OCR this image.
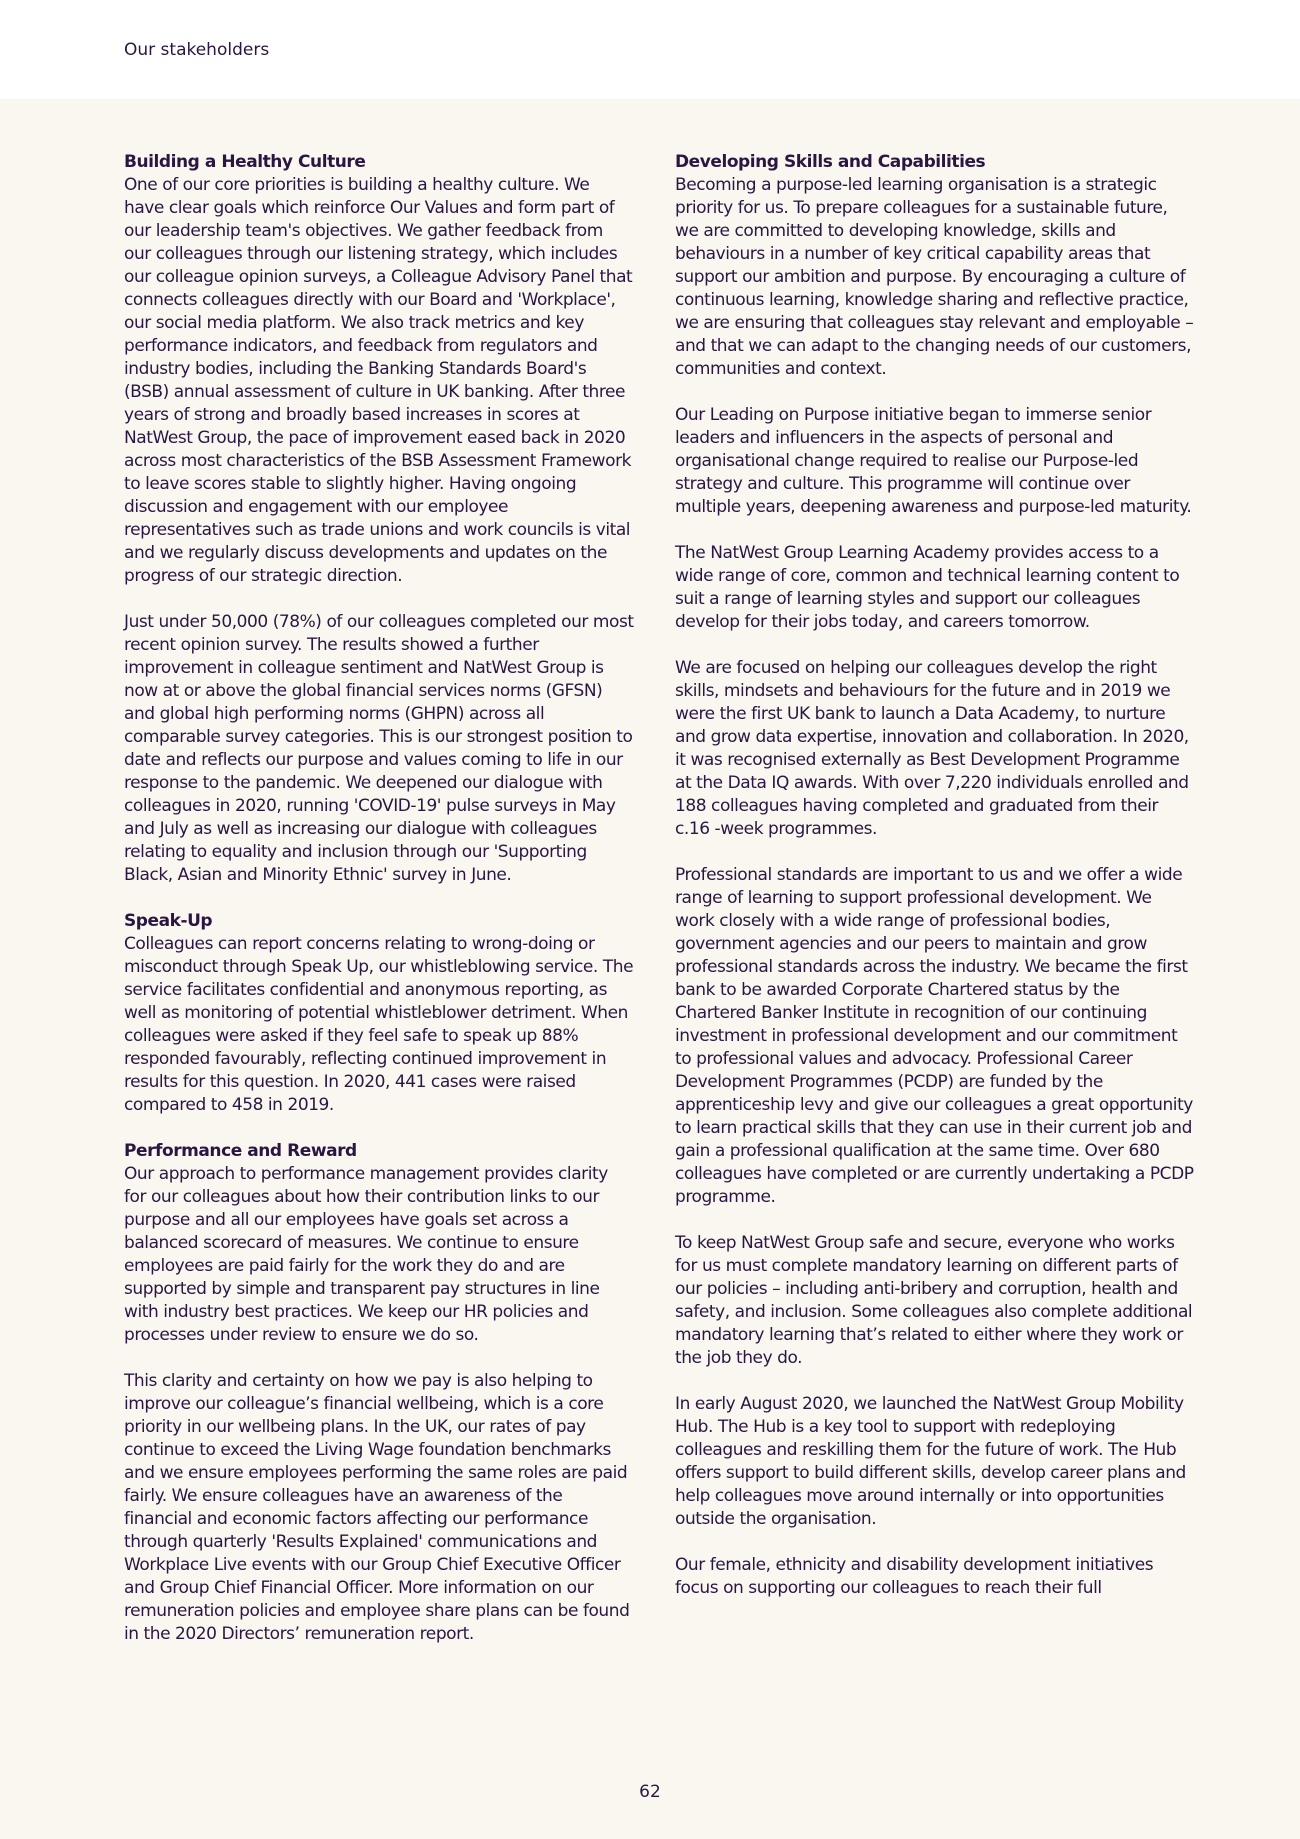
Our stakeholders
Building a Healthy Culture

One of our core priorities is building a healthy culture. We have clear goals which reinforce Our Values and form part of our leadership team's objectives. We gather feedback from our colleagues through our listening strategy, which includes our colleague opinion surveys, a Colleague Advisory Panel that connects colleagues directly with our Board and 'Workplace', our social media platform. We also track metrics and key performance indicators, and feedback from regulators and industry bodies, including the Banking Standards Board's (BSB) annual assessment of culture in UK banking. After three years of strong and broadly based increases in scores at NatWest Group, the pace of improvement eased back in 2020 across most characteristics of the BSB Assessment Framework to leave scores stable to slightly higher. Having ongoing discussion and engagement with our employee representatives such as trade unions and work councils is vital and we regularly discuss developments and updates on the progress of our strategic direction.

Just under 50,000 (78%) of our colleagues completed our most recent opinion survey. The results showed a further improvement in colleague sentiment and NatWest Group is now at or above the global financial services norms (GFSN) and global high performing norms (GHPN) across all comparable survey categories. This is our strongest position to date and reflects our purpose and values coming to life in our response to the pandemic. We deepened our dialogue with colleagues in 2020, running 'COVID-19' pulse surveys in May and July as well as increasing our dialogue with colleagues relating to equality and inclusion through our 'Supporting Black, Asian and Minority Ethnic' survey in June.

Speak-Up

Colleagues can report concerns relating to wrong-doing or misconduct through Speak Up, our whistleblowing service. The service facilitates confidential and anonymous reporting, as well as monitoring of potential whistleblower detriment. When colleagues were asked if they feel safe to speak up 88% responded favourably, reflecting continued improvement in results for this question. In 2020, 441 cases were raised compared to 458 in 2019.

Performance and Reward

Our approach to performance management provides clarity for our colleagues about how their contribution links to our purpose and all our employees have goals set across a balanced scorecard of measures. We continue to ensure employees are paid fairly for the work they do and are supported by simple and transparent pay structures in line with industry best practices. We keep our HR policies and processes under review to ensure we do so.

This clarity and certainty on how we pay is also helping to improve our colleague’s financial wellbeing, which is a core priority in our wellbeing plans. In the UK, our rates of pay continue to exceed the Living Wage foundation benchmarks and we ensure employees performing the same roles are paid fairly. We ensure colleagues have an awareness of the financial and economic factors affecting our performance through quarterly 'Results Explained' communications and Workplace Live events with our Group Chief Executive Officer and Group Chief Financial Officer. More information on our remuneration policies and employee share plans can be found in the 2020 Directors’ remuneration report.

Developing Skills and Capabilities

Becoming a purpose-led learning organisation is a strategic priority for us. To prepare colleagues for a sustainable future, we are committed to developing knowledge, skills and behaviours in a number of key critical capability areas that support our ambition and purpose. By encouraging a culture of continuous learning, knowledge sharing and reflective practice, we are ensuring that colleagues stay relevant and employable – and that we can adapt to the changing needs of our customers, communities and context.

Our Leading on Purpose initiative began to immerse senior leaders and influencers in the aspects of personal and organisational change required to realise our Purpose-led strategy and culture. This programme will continue over multiple years, deepening awareness and purpose-led maturity.

The NatWest Group Learning Academy provides access to a wide range of core, common and technical learning content to suit a range of learning styles and support our colleagues develop for their jobs today, and careers tomorrow.

We are focused on helping our colleagues develop the right skills, mindsets and behaviours for the future and in 2019 we were the first UK bank to launch a Data Academy, to nurture and grow data expertise, innovation and collaboration. In 2020, it was recognised externally as Best Development Programme at the Data IQ awards. With over 7,220 individuals enrolled and 188 colleagues having completed and graduated from their c.16 -week programmes.

Professional standards are important to us and we offer a wide range of learning to support professional development. We work closely with a wide range of professional bodies, government agencies and our peers to maintain and grow professional standards across the industry. We became the first bank to be awarded Corporate Chartered status by the Chartered Banker Institute in recognition of our continuing investment in professional development and our commitment to professional values and advocacy. Professional Career Development Programmes (PCDP) are funded by the apprenticeship levy and give our colleagues a great opportunity to learn practical skills that they can use in their current job and gain a professional qualification at the same time. Over 680 colleagues have completed or are currently undertaking a PCDP programme.

To keep NatWest Group safe and secure, everyone who works for us must complete mandatory learning on different parts of our policies – including anti-bribery and corruption, health and safety, and inclusion. Some colleagues also complete additional mandatory learning that’s related to either where they work or the job they do.

In early August 2020, we launched the NatWest Group Mobility Hub. The Hub is a key tool to support with redeploying colleagues and reskilling them for the future of work. The Hub offers support to build different skills, develop career plans and help colleagues move around internally or into opportunities outside the organisation.

Our female, ethnicity and disability development initiatives focus on supporting our colleagues to reach their full

62
